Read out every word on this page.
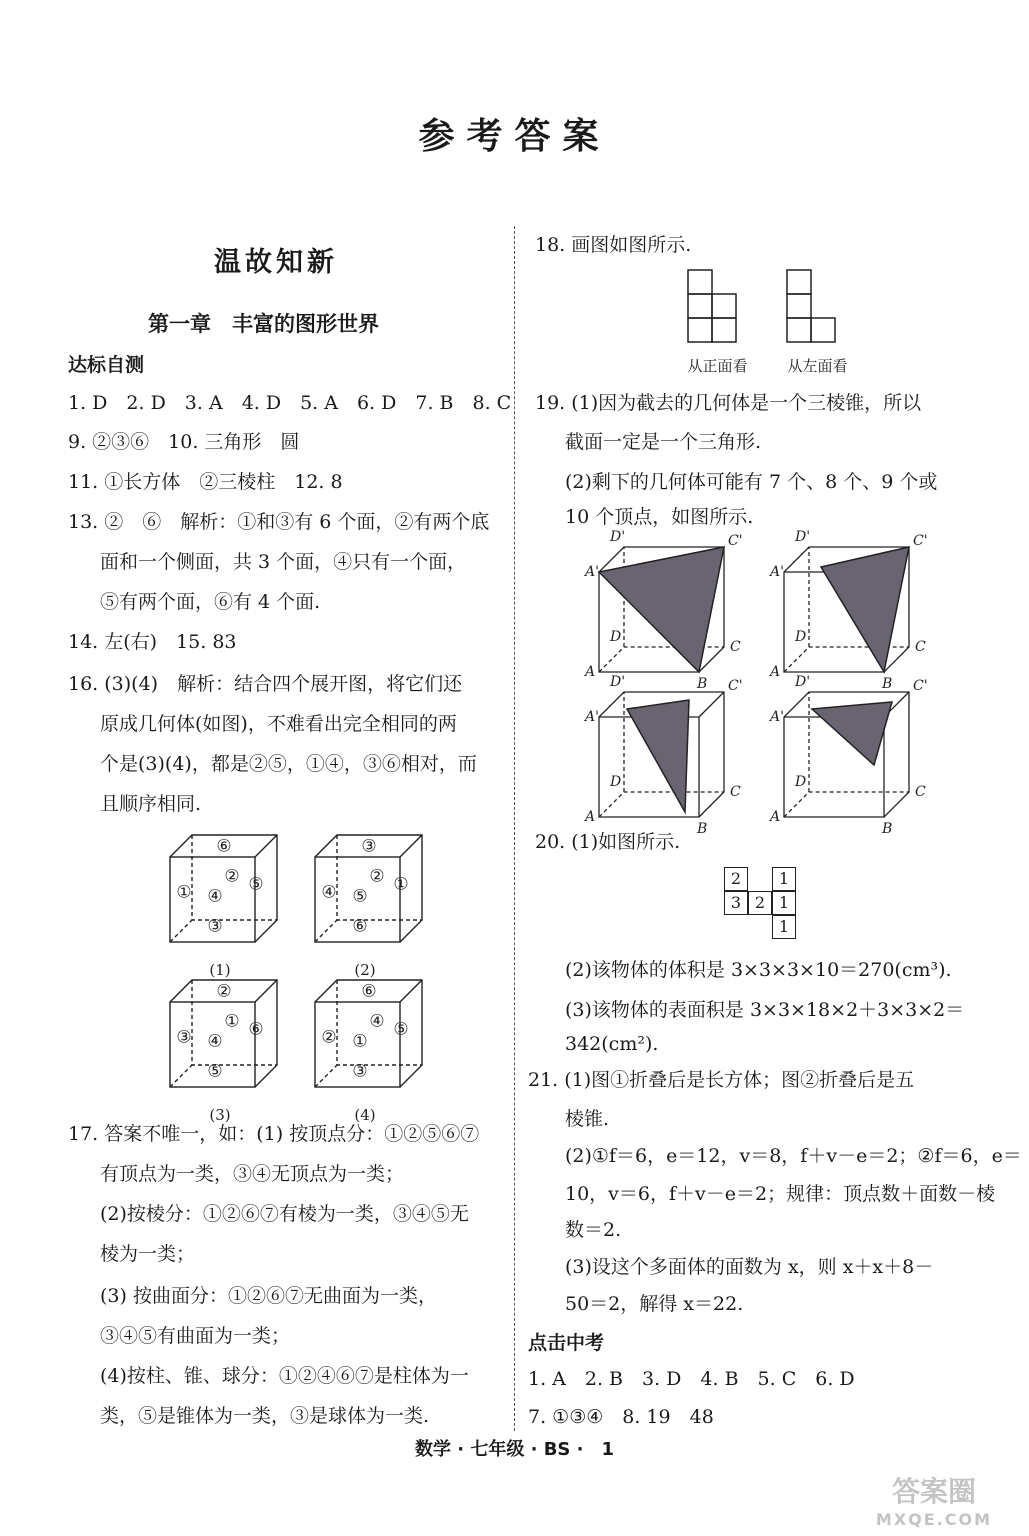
参考答案
温故知新
第一章　丰富的图形世界
达标自测
1. D　2. D　3. A　4. D　5. A　6. D　7. B　8. C
9. ②③⑥　10. 三角形　圆
11. ①长方体　②三棱柱　12. 8
13. ②　⑥　解析：①和③有 6 个面，②有两个底
面和一个侧面，共 3 个面，④只有一个面，
⑤有两个面，⑥有 4 个面.
14. 左(右)　15. 83
16. (3)(4)　解析：结合四个展开图，将它们还
原成几何体(如图)，不难看出完全相同的两
个是(3)(4)，都是②⑤，①④，③⑥相对，而
且顺序相同.
⑥
②
① ④
⑤
③
(1)
③
②
④ ⑤
①
⑥
(2)
②
①
③ ④
⑥
⑤
(3)
⑥
④
② ①
⑤
③
(4)
17. 答案不唯一，如：(1) 按顶点分：①②⑤⑥⑦
有顶点为一类，③④无顶点为一类；
(2)按棱分：①②⑥⑦有棱为一类，③④⑤无
棱为一类；
(3) 按曲面分：①②⑥⑦无曲面为一类，
③④⑤有曲面为一类；
(4)按柱、锥、球分：①②④⑥⑦是柱体为一
类，⑤是锥体为一类，③是球体为一类.
18. 画图如图所示.
从正面看	从左面看
19. (1)因为截去的几何体是一个三棱锥，所以
截面一定是一个三角形.
(2)剩下的几何体可能有 7 个、8 个、9 个或
10 个顶点，如图所示.
D'	C'
A'
D
C
A
B
D'	C'
A'
D
C
A
B
D'	C'
A'
D
C
A
B
D'	C'
A'
D
C
A
B
20. (1)如图所示.
2	1
3 2 1
1
(2)该物体的体积是 3×3×3×10＝270(cm³).
(3)该物体的表面积是 3×3×18×2＋3×3×2＝
342(cm²).
21. (1)图①折叠后是长方体；图②折叠后是五
棱锥.
(2)①f＝6，e＝12，v＝8，f＋v－e＝2；②f＝6，e＝
10，v＝6，f＋v－e＝2；规律：顶点数＋面数－棱
数＝2.
(3)设这个多面体的面数为 x，则 x＋x＋8－
50＝2，解得 x＝22.
点击中考
1. A　2. B　3. D　4. B　5. C　6. D
7. ①③④　8. 19　48
数学 · 七年级 · BS ·　1
答案圈
MXQE.COM
